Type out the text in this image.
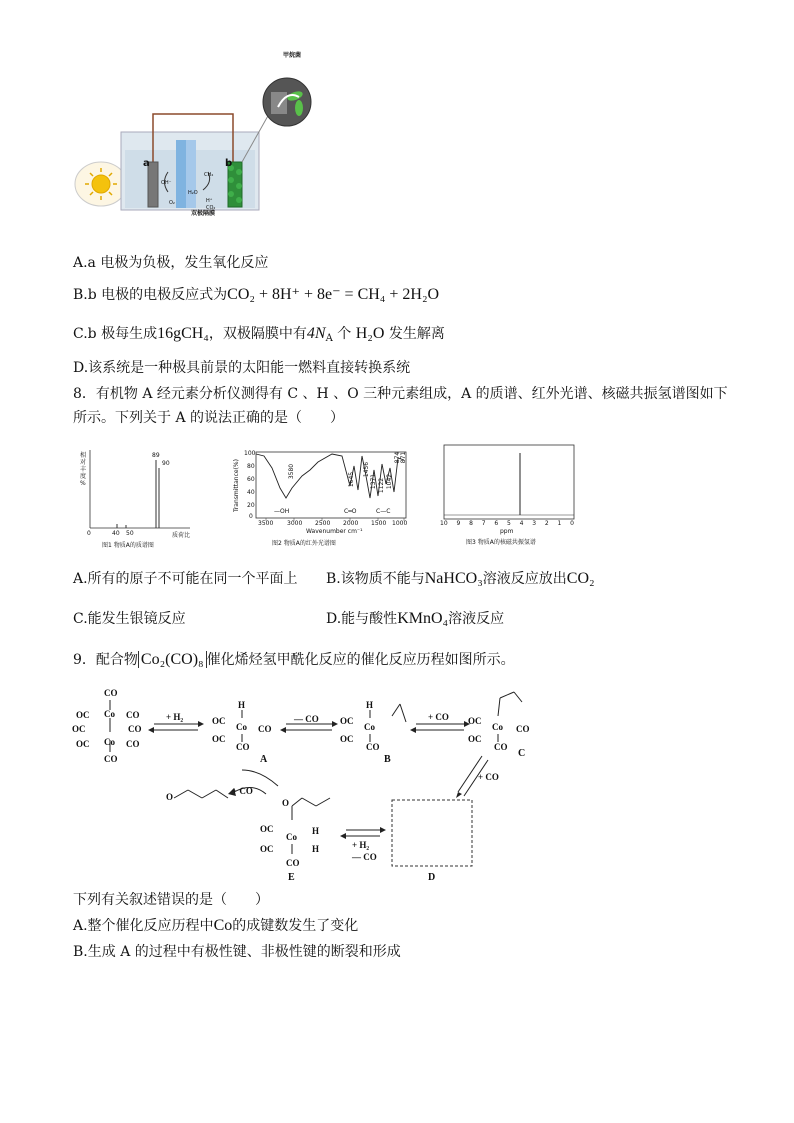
甲烷菌
a	b
OH⁻
CH₄
H₂O
O₂	H⁺
CO₂
双极隔膜
A.a 电极为负极，发生氧化反应
B.b 电极的电极反应式为CO₂ + 8H⁺ + 8e⁻ = CH₄ + 2H₂O
C.b 极每生成16gCH₄，双极隔膜中有$4N_A$ 个 H₂O 发生解离
D.该系统是一种极具前景的太阳能一燃料直接转换系统
8．有机物 A 经元素分析仪测得有 C 、H 、O 三种元素组成，A 的质谱、红外光谱、核磁共振氢谱图如下
所示。下列关于 A 的说法正确的是（　　）
相
对
丰
度
%
89
90
0	40 50	质荷比
图1 物质A的质谱图
100
80
60
40
20
0
Transmittance(%)	3580
1645
1456
1371 1122 1042
874 871
—OH	C═O	C—C
3500 3000 2500 2000 1500 1000
Wavenumber cm⁻¹
图2 物质A的红外光谱图
10 9 8 7 6 5 4 3 2 1 0
ppm
图3 物质A的核磁共振氢谱
A.所有的原子不可能在同一个平面上 B.该物质不能与NaHCO₃溶液反应放出CO₂
C.能发生银镜反应	D.能与酸性KMnO₄溶液反应
9．配合物 Co₂(CO)₈ 催化烯烃氢甲酰化反应的催化反应历程如图所示。
CO
OC Co CO
OC	CO
OC Co CO
CO
+ H₂
H
OC
Co CO
OC
CO
A
— CO
H
OC
Co
OC
CO
B
+ CO OC
Co CO
OC
CO
C
+ CO
O
+ CO
O
OC
Co
H
OC	H
CO
E
+ H₂
— CO
D
下列有关叙述错误的是（　　）
A.整个催化反应历程中Co的成键数发生了变化
B.生成 A 的过程中有极性键、非极性键的断裂和形成
